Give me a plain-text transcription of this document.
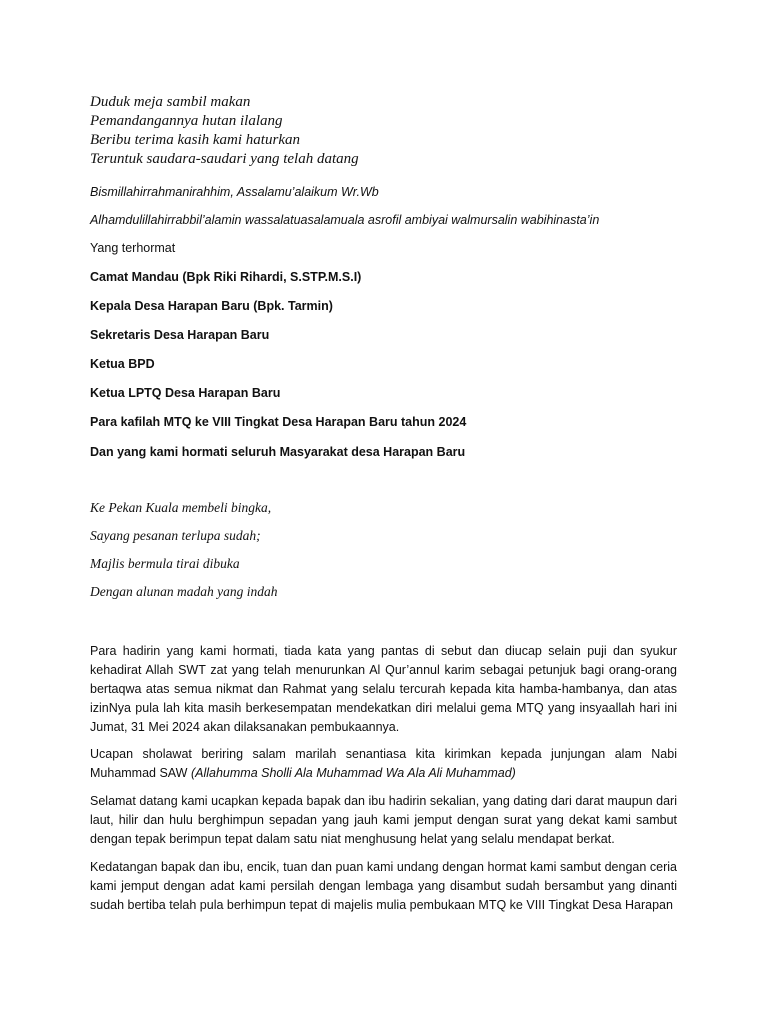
Duduk meja sambil makan
Pemandangannya hutan ilalang
Beribu terima kasih kami haturkan
Teruntuk saudara-saudari yang telah datang
Bismillahirrahmanirahhim, Assalamu’alaikum Wr.Wb
Alhamdulillahirrabbil’alamin wassalatuasalamuala asrofil ambiyai walmursalin wabihinasta’in
Yang terhormat
Camat Mandau (Bpk Riki Rihardi, S.STP.M.S.I)
Kepala Desa Harapan Baru (Bpk. Tarmin)
Sekretaris Desa Harapan Baru
Ketua BPD
Ketua LPTQ Desa Harapan Baru
Para kafilah MTQ ke VIII Tingkat Desa Harapan Baru tahun 2024
Dan yang kami hormati seluruh Masyarakat desa Harapan Baru
Ke Pekan Kuala membeli bingka,
Sayang pesanan terlupa sudah;
Majlis bermula tirai dibuka
Dengan alunan madah yang indah
Para hadirin yang kami hormati, tiada kata yang pantas di sebut dan diucap selain puji dan syukur kehadirat Allah SWT zat yang telah menurunkan Al Qur’annul karim sebagai petunjuk bagi orang-orang bertaqwa atas semua nikmat dan Rahmat yang selalu tercurah kepada kita hamba-hambanya, dan atas izinNya pula lah kita masih berkesempatan mendekatkan diri melalui gema MTQ yang insyaallah hari ini Jumat, 31 Mei 2024 akan dilaksanakan pembukaannya.
Ucapan sholawat beriring salam marilah senantiasa kita kirimkan kepada junjungan alam Nabi Muhammad SAW (Allahumma Sholli Ala Muhammad Wa Ala Ali Muhammad)
Selamat datang kami ucapkan kepada bapak dan ibu hadirin sekalian, yang dating dari darat maupun dari laut, hilir dan hulu berghimpun sepadan yang jauh kami jemput dengan surat yang dekat kami sambut dengan tepak berimpun tepat dalam satu niat menghusung helat yang selalu mendapat berkat.
Kedatangan bapak dan ibu, encik, tuan dan puan kami undang dengan hormat kami sambut dengan ceria kami jemput dengan adat kami persilah dengan lembaga yang disambut sudah bersambut yang dinanti sudah bertiba telah pula berhimpun tepat di majelis mulia pembukaan MTQ ke VIII Tingkat Desa Harapan
